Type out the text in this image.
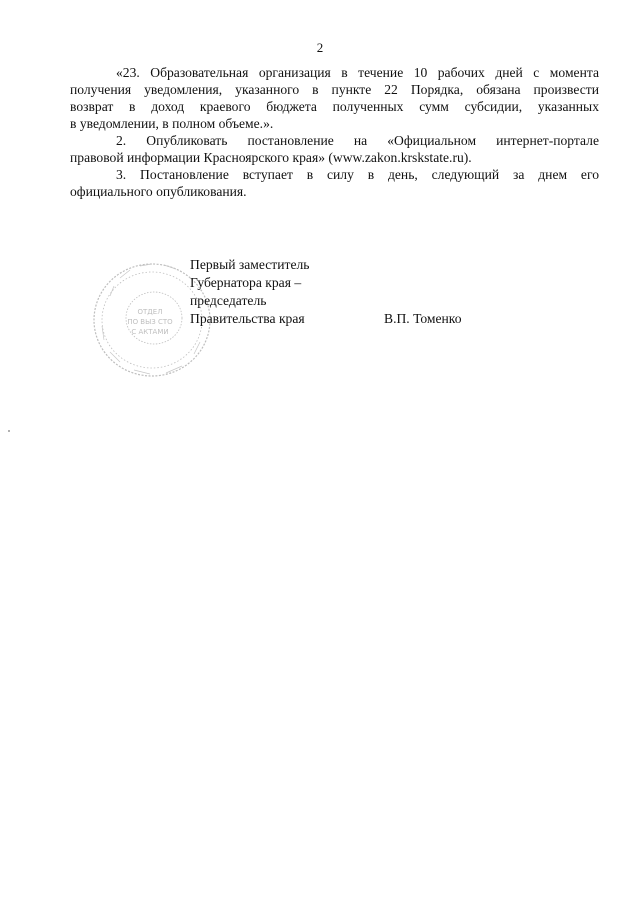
2
«23. Образовательная организация в течение 10 рабочих дней с момента
получения уведомления, указанного в пункте 22 Порядка, обязана произвести
возврат в доход краевого бюджета полученных сумм субсидии, указанных
в уведомлении, в полном объеме.».
2. Опубликовать постановление на «Официальном интернет-портале
правовой информации Красноярского края» (www.zakon.krskstate.ru).
3. Постановление вступает в силу в день, следующий за днем его
официального опубликования.
ОТДЕЛ
ПО ВЫЗ СТО
С АКТАМИ
Первый заместитель
Губернатора края –
председатель
Правительства края	В.П. Томенко
